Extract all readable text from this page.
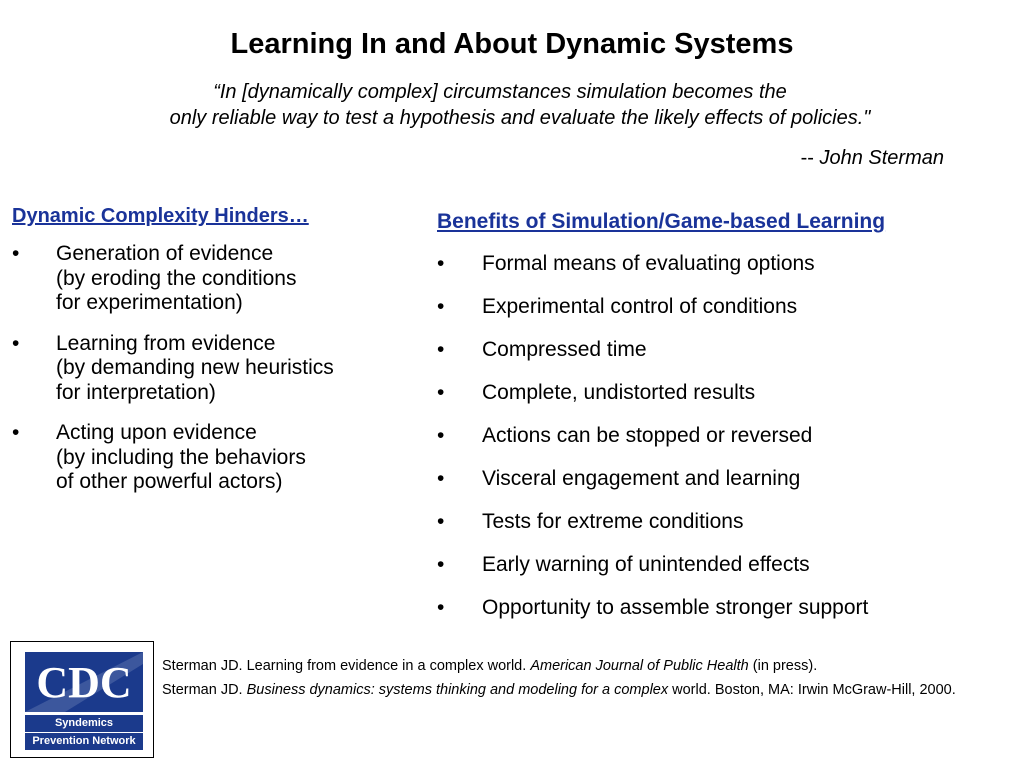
Learning In and About Dynamic Systems
“In [dynamically complex] circumstances simulation becomes the
only reliable way to test a hypothesis and evaluate the likely effects of policies."
-- John Sterman
Dynamic Complexity Hinders…
• Generation of evidence
(by eroding the conditions
for experimentation)
• Learning from evidence
(by demanding new heuristics
for interpretation)
• Acting upon evidence
(by including the behaviors
of other powerful actors)
Benefits of Simulation/Game-based Learning
• Formal means of evaluating options
• Experimental control of conditions
• Compressed time
• Complete, undistorted results
• Actions can be stopped or reversed
• Visceral engagement and learning
• Tests for extreme conditions
• Early warning of unintended effects
• Opportunity to assemble stronger support
CDC
Syndemics
Prevention Network
Sterman JD. Learning from evidence in a complex world. American Journal of Public Health (in press).
Sterman JD. Business dynamics: systems thinking and modeling for a complex world. Boston, MA: Irwin McGraw-Hill, 2000.
